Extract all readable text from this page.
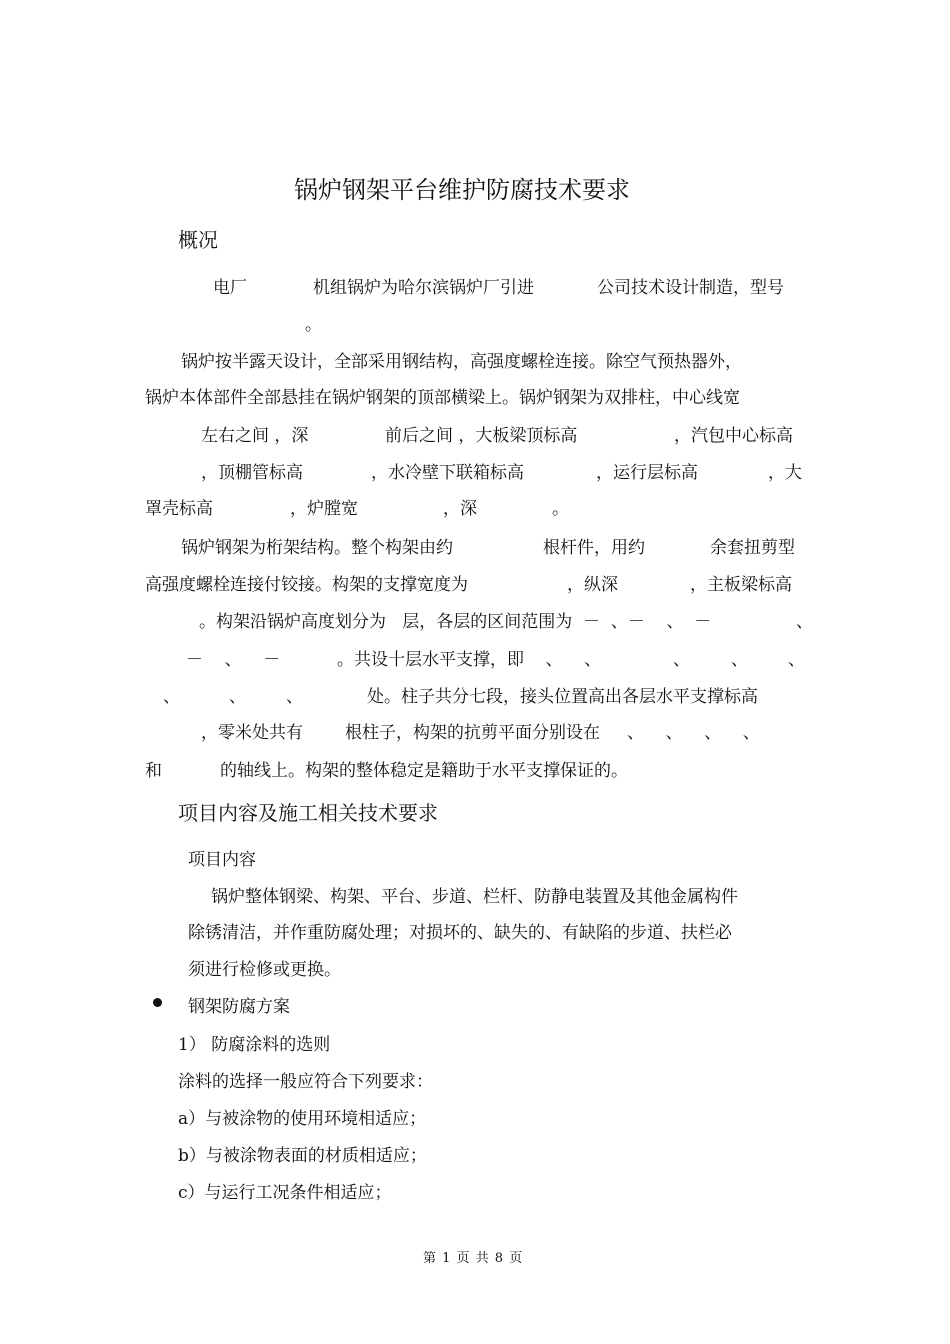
锅炉钢架平台维护防腐技术要求
概况
电厂	机组锅炉为哈尔滨锅炉厂引进	公司技术设计制造，型号
。
锅炉按半露天设计，全部采用钢结构，高强度螺栓连接。除空气预热器外，
锅炉本体部件全部悬挂在锅炉钢架的顶部横梁上。锅炉钢架为双排柱，中心线宽
左右之间 ，深	前后之间 ，大板梁顶标高	，汽包中心标高
，顶棚管标高	，水冷壁下联箱标高	，运行层标高	，大
罩壳标高	，炉膛宽	，深	。
锅炉钢架为桁架结构。整个构架由约	根杆件，用约	余套扭剪型
高强度螺栓连接付铰接。构架的支撑宽度为	，纵深	，主板梁标高
。构架沿锅炉高度划分为   层，各层的区间范围为  －  、－    、  －	、
－    、    －	。共设十层水平支撑，即    、    、	、 、 、
、	、 、	处。柱子共分七段，接头位置高出各层水平支撑标高
，零米处共有 根柱子，构架的抗剪平面分别设在     、    、    、    、
和	的轴线上。构架的整体稳定是籍助于水平支撑保证的。
项目内容及施工相关技术要求
项目内容
锅炉整体钢梁、构架、平台、步道、栏杆、防静电装置及其他金属构件
除锈清洁，并作重防腐处理；对损坏的、缺失的、有缺陷的步道、扶栏必
须进行检修或更换。
钢架防腐方案
1） 防腐涂料的选则
涂料的选择一般应符合下列要求：
a）与被涂物的使用环境相适应；
b）与被涂物表面的材质相适应；
c）与运行工况条件相适应；
第 1 页 共 8 页
